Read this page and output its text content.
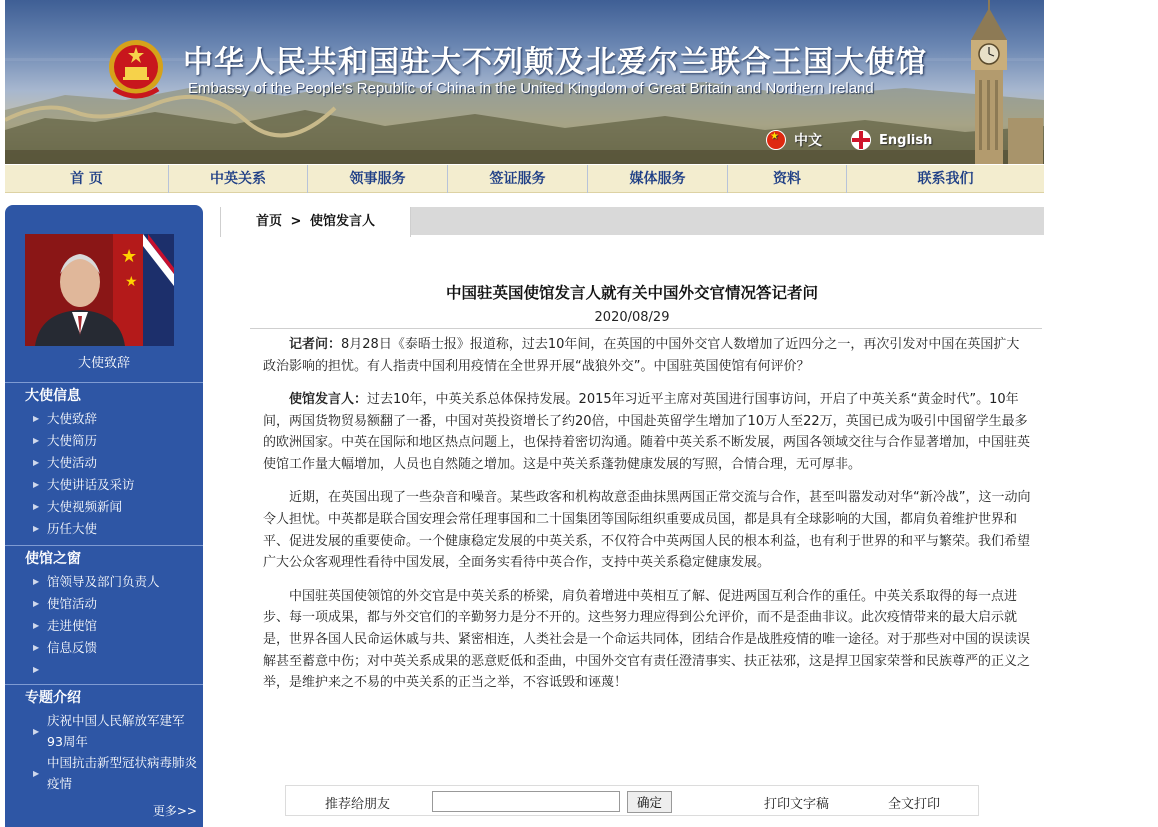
中华人民共和国驻大不列颠及北爱尔兰联合王国大使馆
Embassy of the People's Republic of China in the United Kingdom of Great Britain and Northern Ireland
★
中文	English
首 页	中英关系	领事服务	签证服务	媒体服务	资料	联系我们
★
★
大使致辞
大使信息
▶ 大使致辞
▶ 大使简历
▶ 大使活动
▶ 大使讲话及采访
▶ 大使视频新闻
▶ 历任大使
使馆之窗
▶ 馆领导及部门负责人
▶ 使馆活动
▶ 走进使馆
▶ 信息反馈
▶
专题介绍
▶
庆祝中国人民解放军建军93周年
▶
中国抗击新型冠状病毒肺炎疫情
更多>>
首页 > 使馆发言人
中国驻英国使馆发言人就有关中国外交官情况答记者问
2020/08/29

记者问：8月28日《泰晤士报》报道称，过去10年间，在英国的中国外交官人数增加了近四分之一，再次引发对中国在英国扩大政治影响的担忧。有人指责中国利用疫情在全世界开展“战狼外交”。中国驻英国使馆有何评价？

使馆发言人：过去10年，中英关系总体保持发展。2015年习近平主席对英国进行国事访问，开启了中英关系“黄金时代”。10年间，两国货物贸易额翻了一番，中国对英投资增长了约20倍，中国赴英留学生增加了10万人至22万，英国已成为吸引中国留学生最多的欧洲国家。中英在国际和地区热点问题上，也保持着密切沟通。随着中英关系不断发展，两国各领域交往与合作显著增加，中国驻英使馆工作量大幅增加，人员也自然随之增加。这是中英关系蓬勃健康发展的写照，合情合理，无可厚非。

近期，在英国出现了一些杂音和噪音。某些政客和机构故意歪曲抹黑两国正常交流与合作，甚至叫嚣发动对华“新冷战”，这一动向令人担忧。中英都是联合国安理会常任理事国和二十国集团等国际组织重要成员国，都是具有全球影响的大国，都肩负着维护世界和平、促进发展的重要使命。一个健康稳定发展的中英关系，不仅符合中英两国人民的根本利益，也有利于世界的和平与繁荣。我们希望广大公众客观理性看待中国发展，全面务实看待中英合作，支持中英关系稳定健康发展。

中国驻英国使领馆的外交官是中英关系的桥梁，肩负着增进中英相互了解、促进两国互利合作的重任。中英关系取得的每一点进步、每一项成果，都与外交官们的辛勤努力是分不开的。这些努力理应得到公允评价，而不是歪曲非议。此次疫情带来的最大启示就是，世界各国人民命运休戚与共、紧密相连，人类社会是一个命运共同体，团结合作是战胜疫情的唯一途径。对于那些对中国的误读误解甚至蓄意中伤；对中英关系成果的恶意贬低和歪曲，中国外交官有责任澄清事实、扶正祛邪，这是捍卫国家荣誉和民族尊严的正义之举，是维护来之不易的中英关系的正当之举，不容诋毁和诬蔑！

推荐给朋友	确定	打印文字稿	全文打印
